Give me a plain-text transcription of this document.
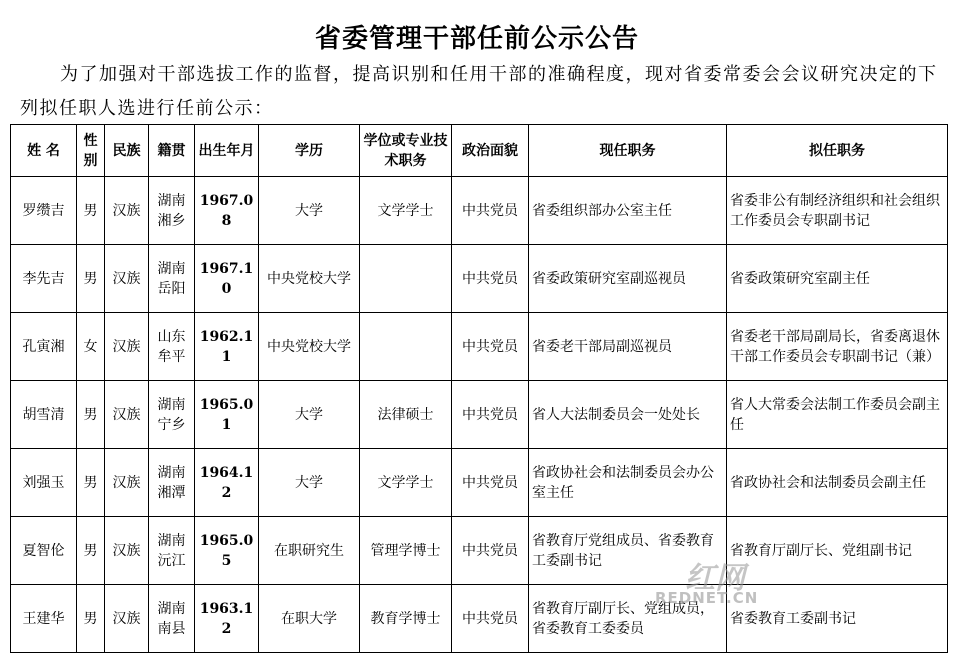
省委管理干部任前公示公告
为了加强对干部选拔工作的监督，提高识别和任用干部的准确程度，现对省委常委会会议研究决定的下列拟任职人选进行任前公示：
姓 名	性别	民族	籍贯	出生年月	学历	学位或专业技术职务	政治面貌	现任职务	拟任职务
罗缵吉	男	汉族	湖南湘乡	1967.08	大学	文学学士	中共党员	省委组织部办公室主任	省委非公有制经济组织和社会组织工作委员会专职副书记
李先吉	男	汉族	湖南岳阳	1967.10	中央党校大学		中共党员	省委政策研究室副巡视员	省委政策研究室副主任
孔寅湘	女	汉族	山东牟平	1962.11	中央党校大学		中共党员	省委老干部局副巡视员	省委老干部局副局长，省委离退休干部工作委员会专职副书记（兼）
胡雪清	男	汉族	湖南宁乡	1965.01	大学	法律硕士	中共党员	省人大法制委员会一处处长	省人大常委会法制工作委员会副主任
刘强玉	男	汉族	湖南湘潭	1964.12	大学	文学学士	中共党员	省政协社会和法制委员会办公室主任	省政协社会和法制委员会副主任
夏智伦	男	汉族	湖南沅江	1965.05	在职研究生	管理学博士	中共党员	省教育厅党组成员、省委教育工委副书记	省教育厅副厅长、党组副书记
王建华	男	汉族	湖南南县	1963.12	在职大学	教育学博士	中共党员	省教育厅副厅长、党组成员，省委教育工委委员	省委教育工委副书记
红网
REDNET.CN
